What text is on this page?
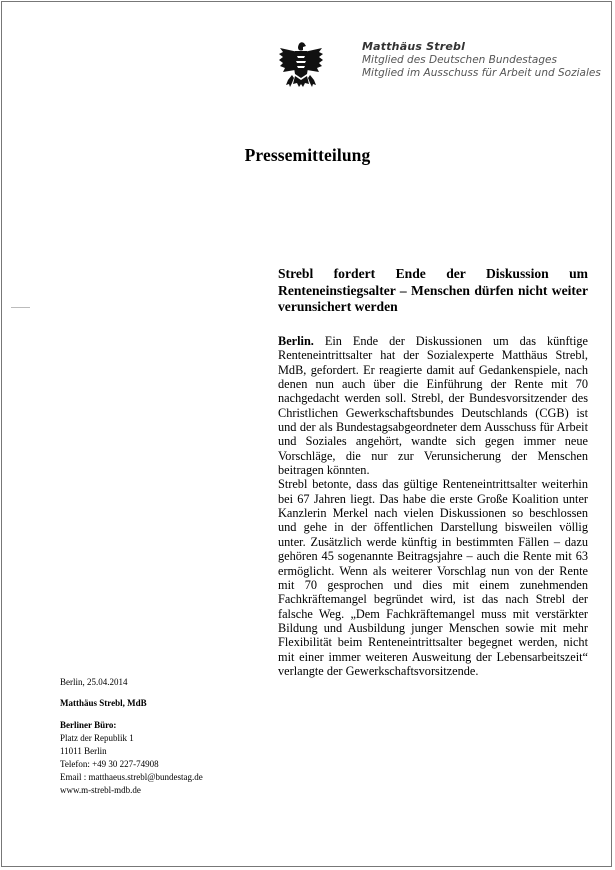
Matthäus Strebl
Mitglied des Deutschen Bundestages
Mitglied im Ausschuss für Arbeit und Soziales
Pressemitteilung
Strebl fordert Ende der Diskussion um Renteneinstiegsalter – Menschen dürfen nicht weiter verunsichert werden

Berlin. Ein Ende der Diskussionen um das künftige Renteneintrittsalter hat der Sozialexperte Matthäus Strebl, MdB, gefordert. Er reagierte damit auf Gedankenspiele, nach denen nun auch über die Einführung der Rente mit 70 nachgedacht werden soll. Strebl, der Bundesvorsitzender des Christlichen Gewerkschaftsbundes Deutschlands (CGB) ist und der als Bundestagsabgeordneter dem Ausschuss für Arbeit und Soziales angehört, wandte sich gegen immer neue Vorschläge, die nur zur Verunsicherung der Menschen beitragen könnten.

Strebl betonte, dass das gültige Renteneintrittsalter weiterhin bei 67 Jahren liegt. Das habe die erste Große Koalition unter Kanzlerin Merkel nach vielen Diskussionen so beschlossen und gehe in der öffentlichen Darstellung bisweilen völlig unter. Zusätzlich werde künftig in bestimmten Fällen – dazu gehören 45 sogenannte Beitragsjahre – auch die Rente mit 63 ermöglicht. Wenn als weiterer Vorschlag nun von der Rente mit 70 gesprochen und dies mit einem zunehmenden Fachkräftemangel begründet wird, ist das nach Strebl der falsche Weg. „Dem Fachkräftemangel muss mit verstärkter Bildung und Ausbildung junger Menschen sowie mit mehr Flexibilität beim Renteneintrittsalter begegnet werden, nicht mit einer immer weiteren Ausweitung der Lebensarbeitszeit“ verlangte der Gewerkschaftsvorsitzende.

Berlin, 25.04.2014
Matthäus Strebl, MdB
Berliner Büro:
Platz der Republik 1
11011 Berlin
Telefon: +49 30 227-74908
Email : matthaeus.strebl@bundestag.de
www.m-strebl-mdb.de
